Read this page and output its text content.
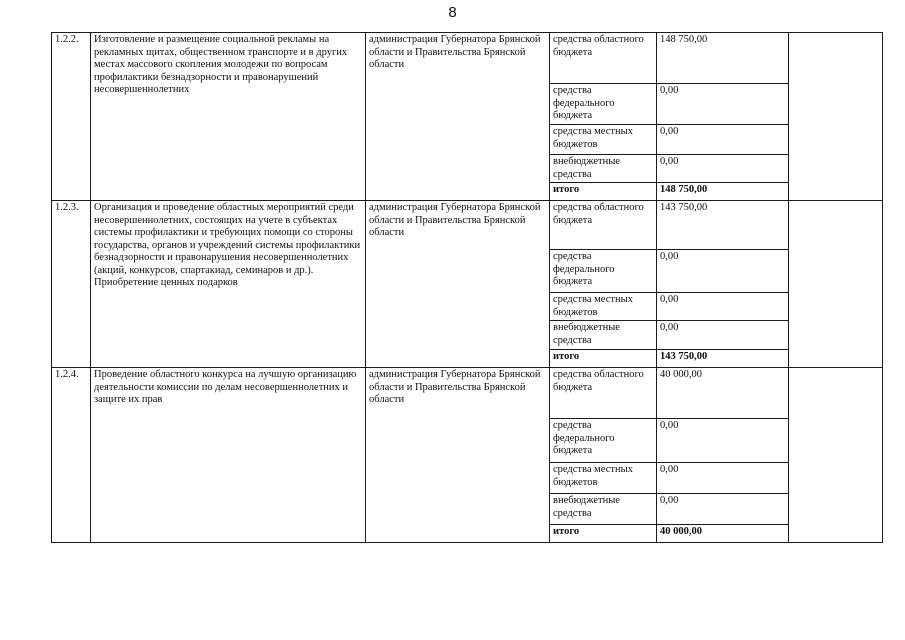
8
1.2.2.	Изготовление и размещение социальной рекламы на рекламных щитах, общественном транспорте и в других местах массового скопления молодежи по вопросам профилактики безнадзорности и правонарушений несовершеннолетних	администрация Губернатора Брянской области и Правительства Брянской области	средства областного бюджета	148 750,00	
			средства федерального бюджета	0,00	
			средства местных бюджетов	0,00	
			внебюджетные средства	0,00	
			итого	148 750,00	
1.2.3.	Организация и проведение областных мероприятий среди несовершеннолетних, состоящих на учете в субъектах системы профилактики и требующих помощи со стороны государства, органов и учреждений системы профилактики безнадзорности и правонарушения несовершеннолетних (акций, конкурсов, спартакиад, семинаров и др.). Приобретение ценных подарков	администрация Губернатора Брянской области и Правительства Брянской области	средства областного бюджета	143 750,00	
			средства федерального бюджета	0,00	
			средства местных бюджетов	0,00	
			внебюджетные средства	0,00	
			итого	143 750,00	
1.2.4.	Проведение областного конкурса на лучшую организацию деятельности комиссии по делам несовершеннолетних и защите их прав	администрация Губернатора Брянской области и Правительства Брянской области	средства областного бюджета	40 000,00	
			средства федерального бюджета	0,00	
			средства местных бюджетов	0,00	
			внебюджетные средства	0,00	
			итого	40 000,00	
